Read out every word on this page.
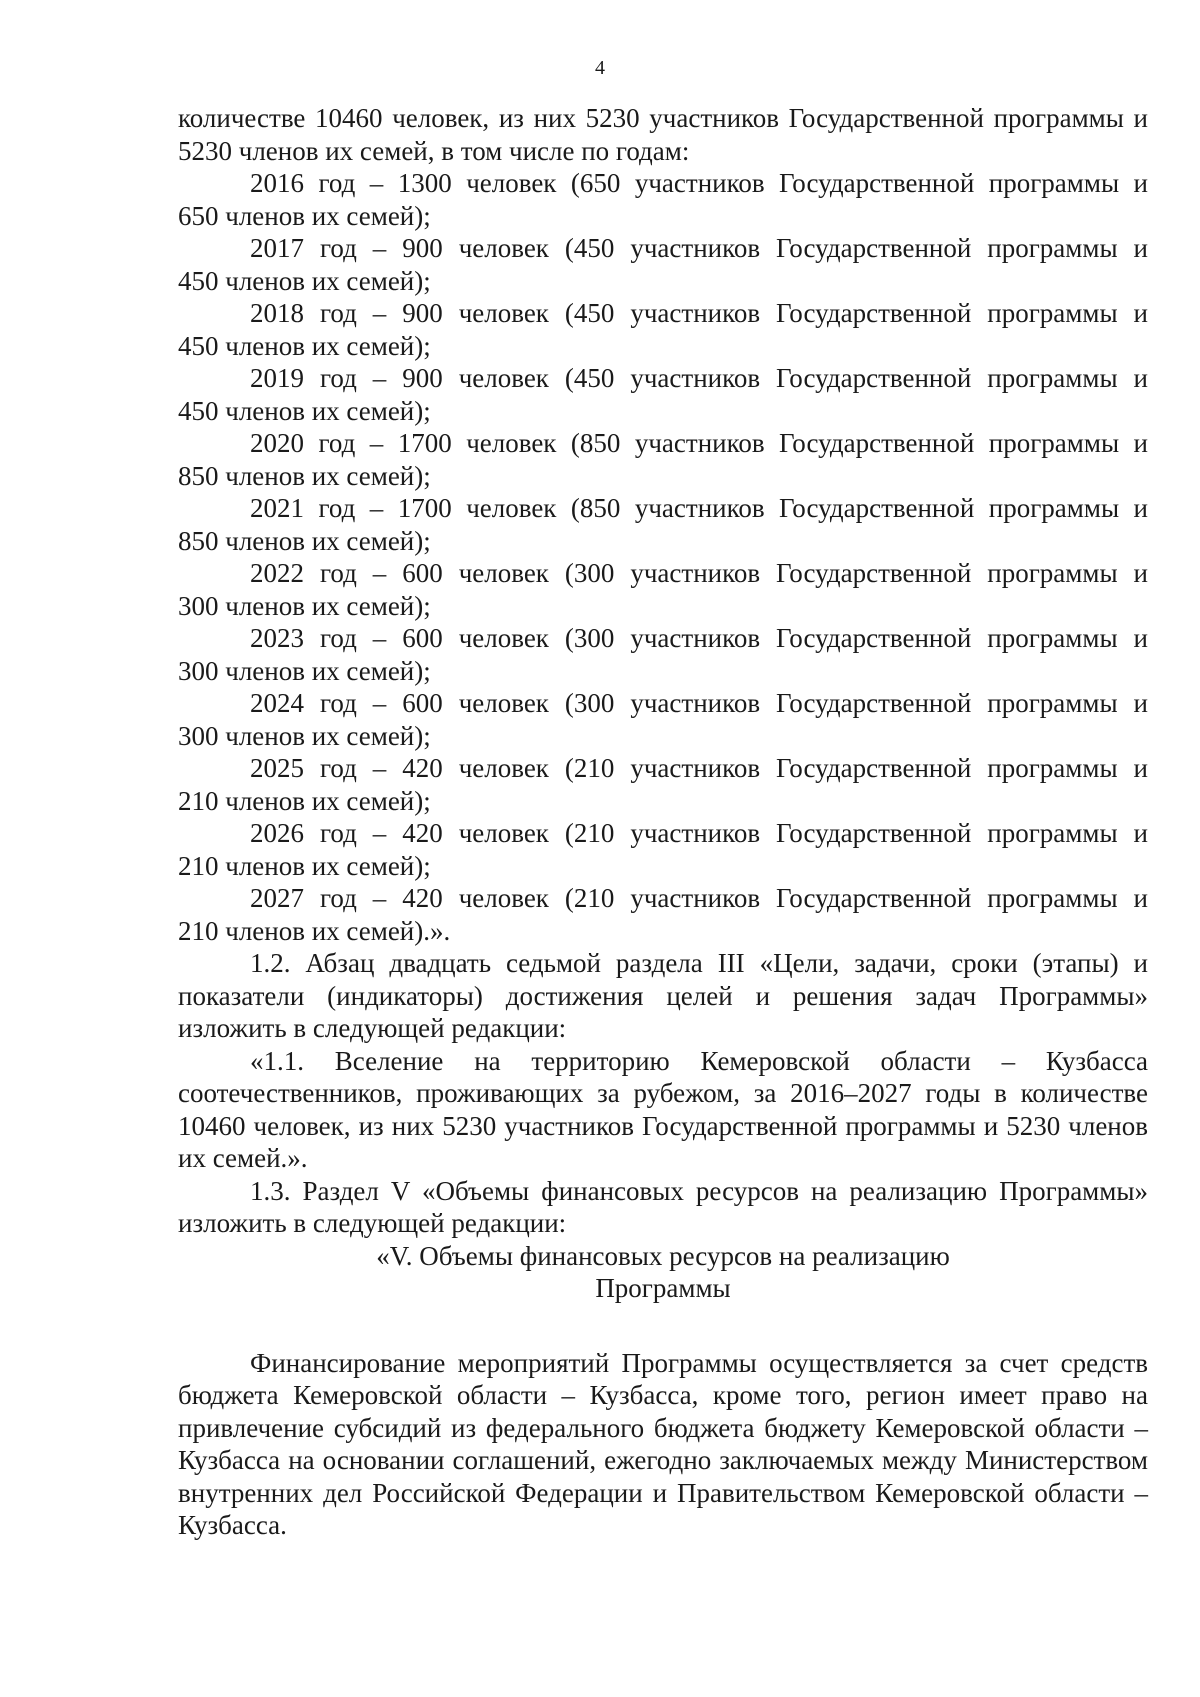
4

количестве 10460 человек, из них 5230 участников Государственной программы и 5230 членов их семей, в том числе по годам:

2016 год – 1300 человек (650 участников Государственной программы и
650 членов их семей);

2017 год – 900 человек (450 участников Государственной программы и
450 членов их семей);

2018 год – 900 человек (450 участников Государственной программы и
450 членов их семей);

2019 год – 900 человек (450 участников Государственной программы и
450 членов их семей);

2020 год – 1700 человек (850 участников Государственной программы и
850 членов их семей);

2021 год – 1700 человек (850 участников Государственной программы и
850 членов их семей);

2022 год – 600 человек (300 участников Государственной программы и
300 членов их семей);

2023 год – 600 человек (300 участников Государственной программы и
300 членов их семей);

2024 год – 600 человек (300 участников Государственной программы и
300 членов их семей);

2025 год – 420 человек (210 участников Государственной программы и
210 членов их семей);

2026 год – 420 человек (210 участников Государственной программы и
210 членов их семей);

2027 год – 420 человек (210 участников Государственной программы и
210 членов их семей).».

1.2. Абзац двадцать седьмой раздела III «Цели, задачи, сроки (этапы) и показатели (индикаторы) достижения целей и решения задач Программы» изложить в следующей редакции:

«1.1. Вселение на территорию Кемеровской области – Кузбасса соотечественников, проживающих за рубежом, за 2016–2027 годы в количестве 10460 человек, из них 5230 участников Государственной программы и 5230 членов их семей.».

1.3. Раздел V «Объемы финансовых ресурсов на реализацию Программы» изложить в следующей редакции:

«V. Объемы финансовых ресурсов на реализацию
Программы

Финансирование мероприятий Программы осуществляется за счет средств бюджета Кемеровской области – Кузбасса, кроме того, регион имеет право на привлечение субсидий из федерального бюджета бюджету Кемеровской области – Кузбасса на основании соглашений, ежегодно заключаемых между Министерством внутренних дел Российской Федерации и Правительством Кемеровской области – Кузбасса.
